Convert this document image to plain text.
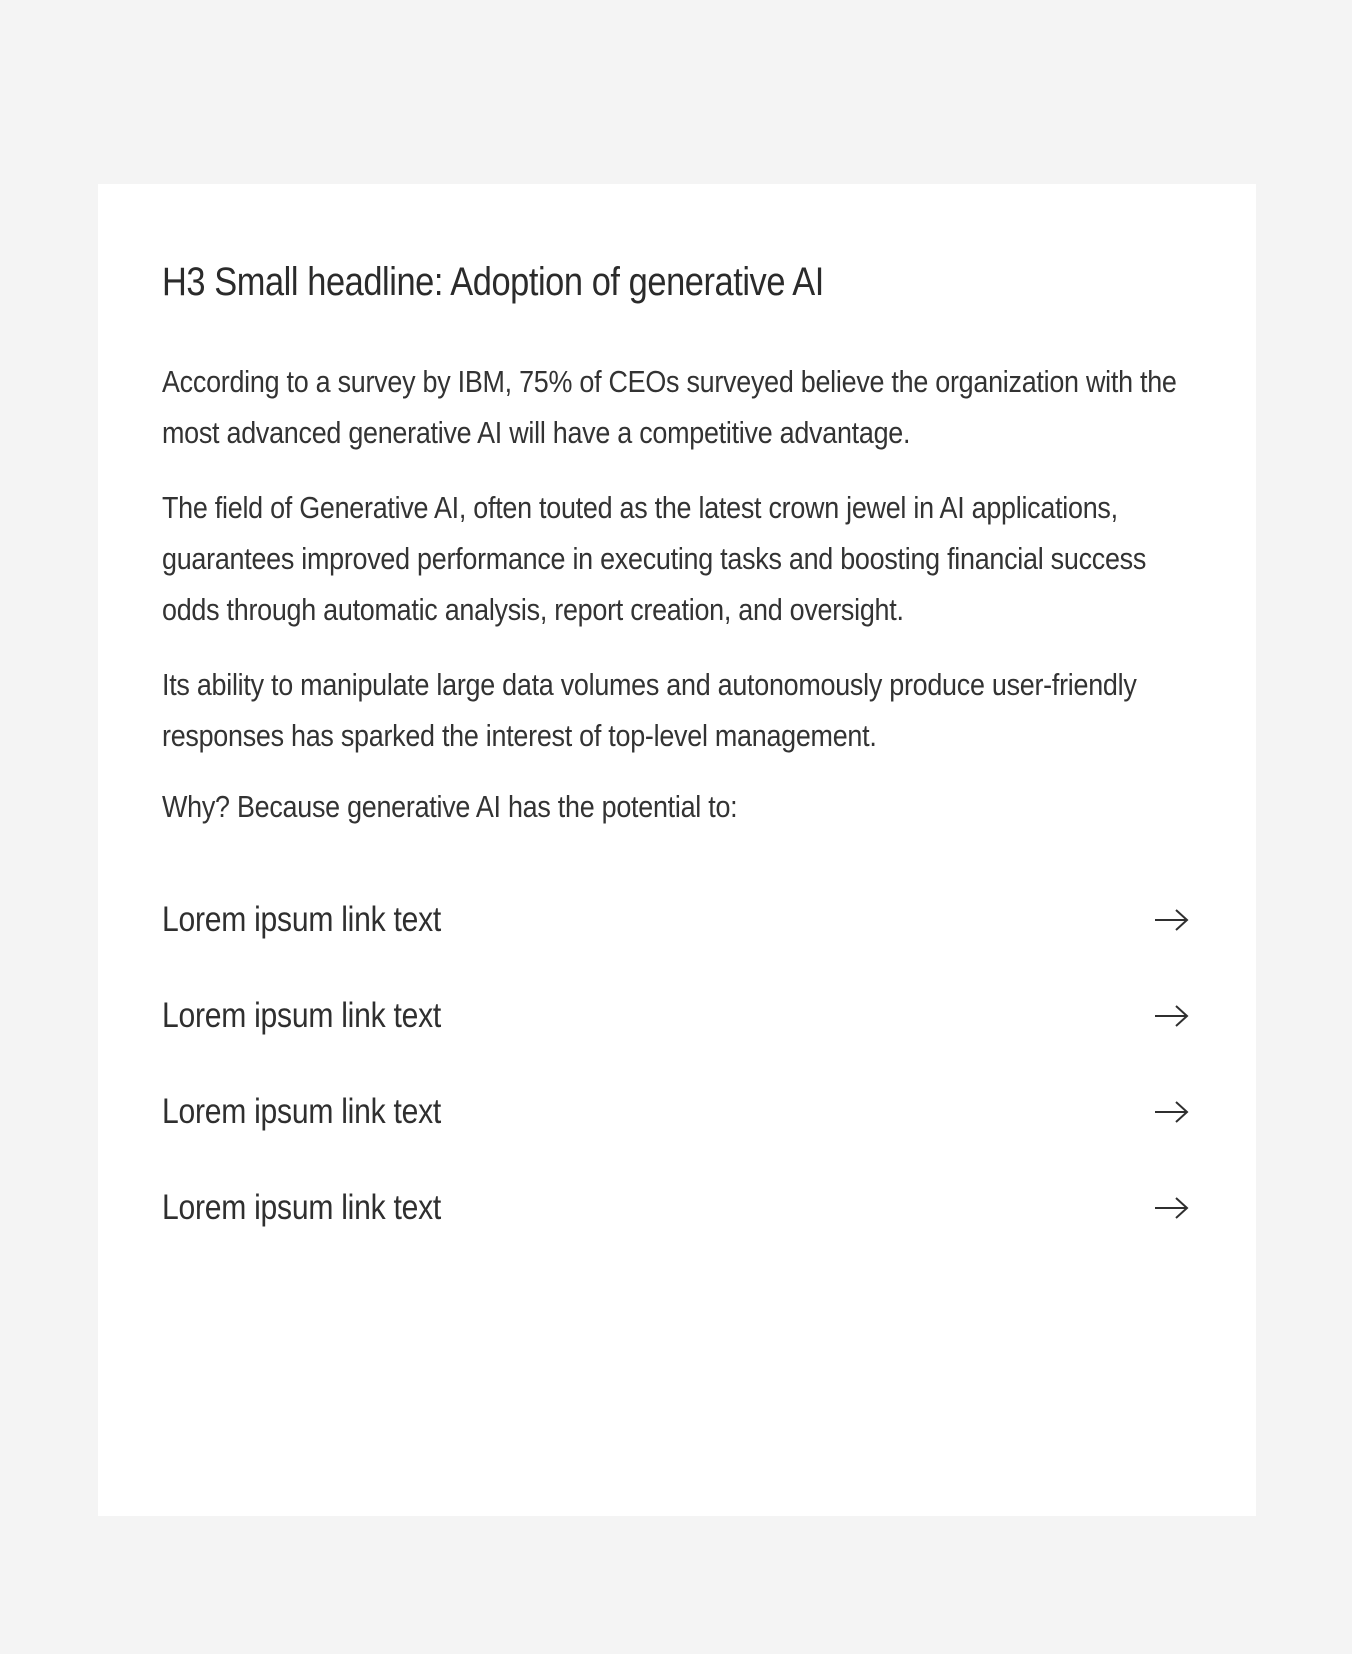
H3 Small headline: Adoption of generative AI

According to a survey by IBM, 75% of CEOs surveyed believe the organization with the most advanced generative AI will have a competitive advantage.

The field of Generative AI, often touted as the latest crown jewel in AI applications, guarantees improved performance in executing tasks and boosting financial success odds through automatic analysis, report creation, and oversight.

Its ability to manipulate large data volumes and autonomously produce user-friendly responses has sparked the interest of top-level management.

Why? Because generative AI has the potential to:

Lorem ipsum link text
Lorem ipsum link text
Lorem ipsum link text
Lorem ipsum link text
